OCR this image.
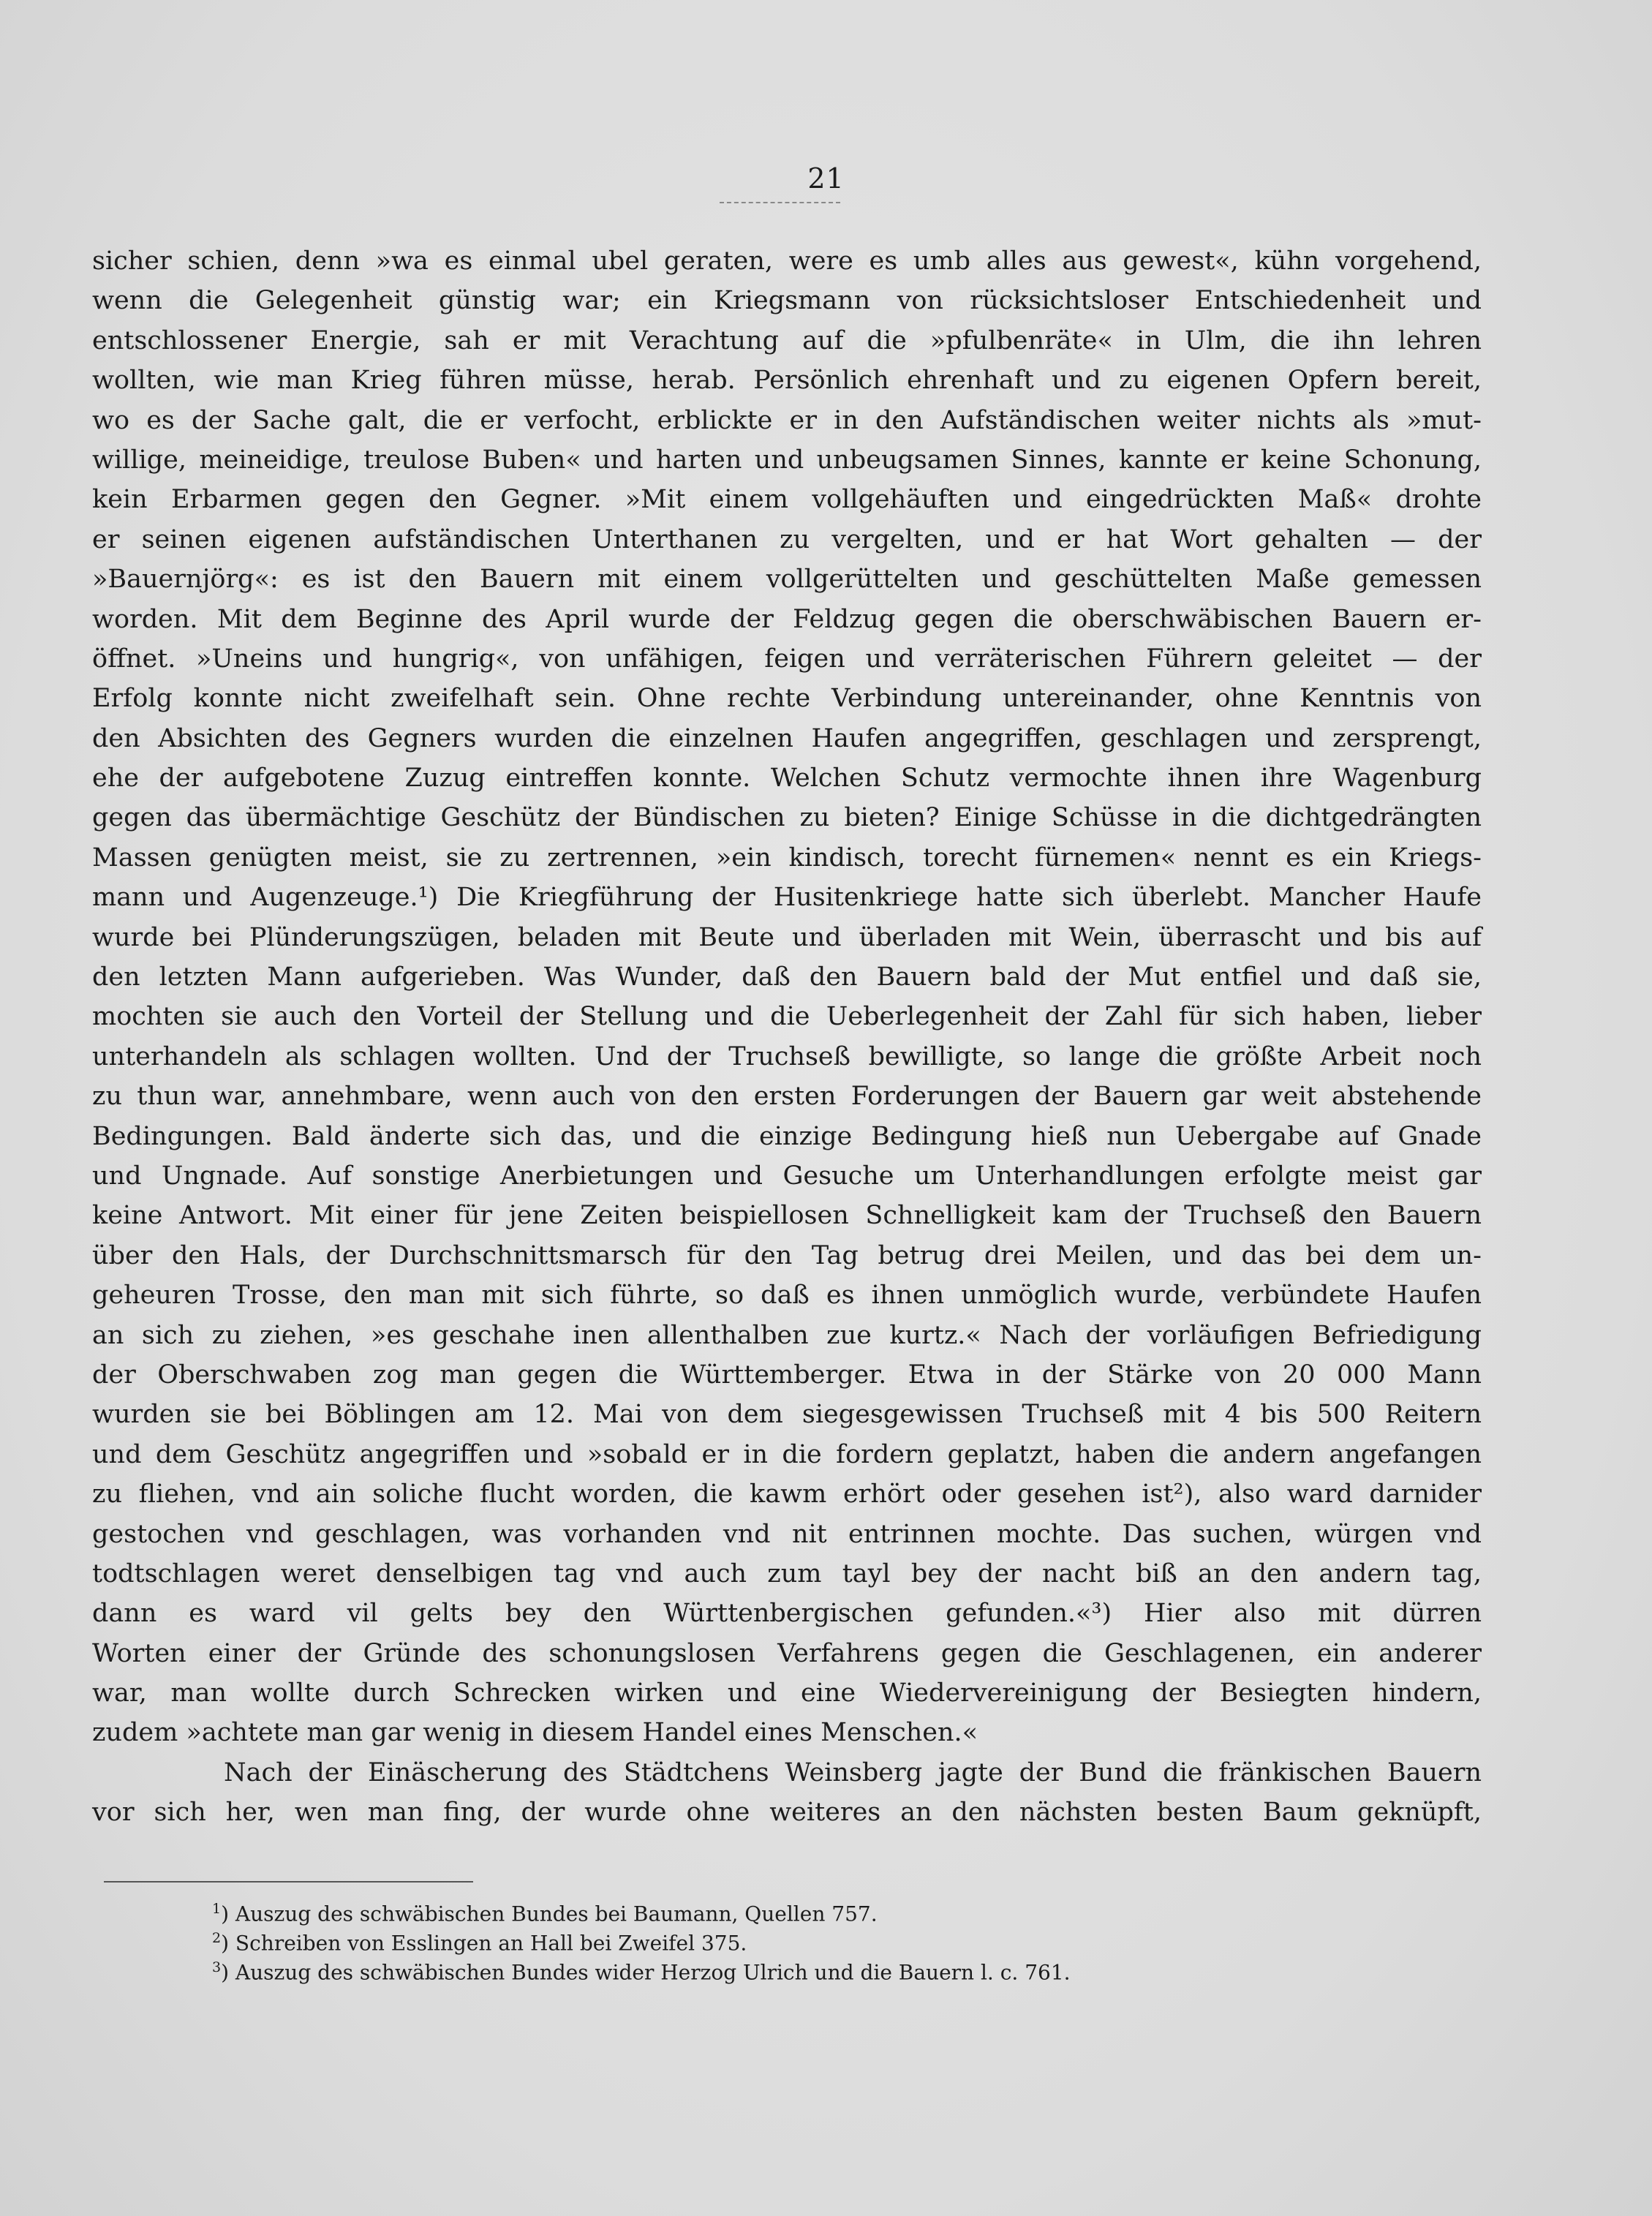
21
sicher schien, denn »wa es einmal ubel geraten, were es umb alles aus gewest«, kühn vorgehend,
wenn die Gelegenheit günstig war; ein Kriegsmann von rücksichtsloser Entschiedenheit und
entschlossener Energie, sah er mit Verachtung auf die »pfulbenräte« in Ulm, die ihn lehren
wollten, wie man Krieg führen müsse, herab. Persönlich ehrenhaft und zu eigenen Opfern bereit,
wo es der Sache galt, die er verfocht, erblickte er in den Aufständischen weiter nichts als »mut-
willige, meineidige, treulose Buben« und harten und unbeugsamen Sinnes, kannte er keine Schonung,
kein Erbarmen gegen den Gegner. »Mit einem vollgehäuften und eingedrückten Maß« drohte
er seinen eigenen aufständischen Unterthanen zu vergelten, und er hat Wort gehalten — der
»Bauernjörg«: es ist den Bauern mit einem vollgerüttelten und geschüttelten Maße gemessen
worden. Mit dem Beginne des April wurde der Feldzug gegen die oberschwäbischen Bauern er-
öffnet. »Uneins und hungrig«, von unfähigen, feigen und verräterischen Führern geleitet — der
Erfolg konnte nicht zweifelhaft sein. Ohne rechte Verbindung untereinander, ohne Kenntnis von
den Absichten des Gegners wurden die einzelnen Haufen angegriffen, geschlagen und zersprengt,
ehe der aufgebotene Zuzug eintreffen konnte. Welchen Schutz vermochte ihnen ihre Wagenburg
gegen das übermächtige Geschütz der Bündischen zu bieten? Einige Schüsse in die dichtgedrängten
Massen genügten meist, sie zu zertrennen, »ein kindisch, torecht fürnemen« nennt es ein Kriegs-
mann und Augenzeuge.¹) Die Kriegführung der Husitenkriege hatte sich überlebt. Mancher Haufe
wurde bei Plünderungszügen, beladen mit Beute und überladen mit Wein, überrascht und bis auf
den letzten Mann aufgerieben. Was Wunder, daß den Bauern bald der Mut entfiel und daß sie,
mochten sie auch den Vorteil der Stellung und die Ueberlegenheit der Zahl für sich haben, lieber
unterhandeln als schlagen wollten. Und der Truchseß bewilligte, so lange die größte Arbeit noch
zu thun war, annehmbare, wenn auch von den ersten Forderungen der Bauern gar weit abstehende
Bedingungen. Bald änderte sich das, und die einzige Bedingung hieß nun Uebergabe auf Gnade
und Ungnade. Auf sonstige Anerbietungen und Gesuche um Unterhandlungen erfolgte meist gar
keine Antwort. Mit einer für jene Zeiten beispiellosen Schnelligkeit kam der Truchseß den Bauern
über den Hals, der Durchschnittsmarsch für den Tag betrug drei Meilen, und das bei dem un-
geheuren Trosse, den man mit sich führte, so daß es ihnen unmöglich wurde, verbündete Haufen
an sich zu ziehen, »es geschahe inen allenthalben zue kurtz.« Nach der vorläufigen Befriedigung
der Oberschwaben zog man gegen die Württemberger. Etwa in der Stärke von 20 000 Mann
wurden sie bei Böblingen am 12. Mai von dem siegesgewissen Truchseß mit 4 bis 500 Reitern
und dem Geschütz angegriffen und »sobald er in die fordern geplatzt, haben die andern angefangen
zu fliehen, vnd ain soliche flucht worden, die kawm erhört oder gesehen ist²), also ward darnider
gestochen vnd geschlagen, was vorhanden vnd nit entrinnen mochte. Das suchen, würgen vnd
todtschlagen weret denselbigen tag vnd auch zum tayl bey der nacht biß an den andern tag,
dann es ward vil gelts bey den Württenbergischen gefunden.«³) Hier also mit dürren
Worten einer der Gründe des schonungslosen Verfahrens gegen die Geschlagenen, ein anderer
war, man wollte durch Schrecken wirken und eine Wiedervereinigung der Besiegten hindern,
zudem »achtete man gar wenig in diesem Handel eines Menschen.«
Nach der Einäscherung des Städtchens Weinsberg jagte der Bund die fränkischen Bauern
vor sich her, wen man fing, der wurde ohne weiteres an den nächsten besten Baum geknüpft,
$^1$) Auszug des schwäbischen Bundes bei Baumann, Quellen 757.
$^2$) Schreiben von Esslingen an Hall bei Zweifel 375.
$^3$) Auszug des schwäbischen Bundes wider Herzog Ulrich und die Bauern l. c. 761.
